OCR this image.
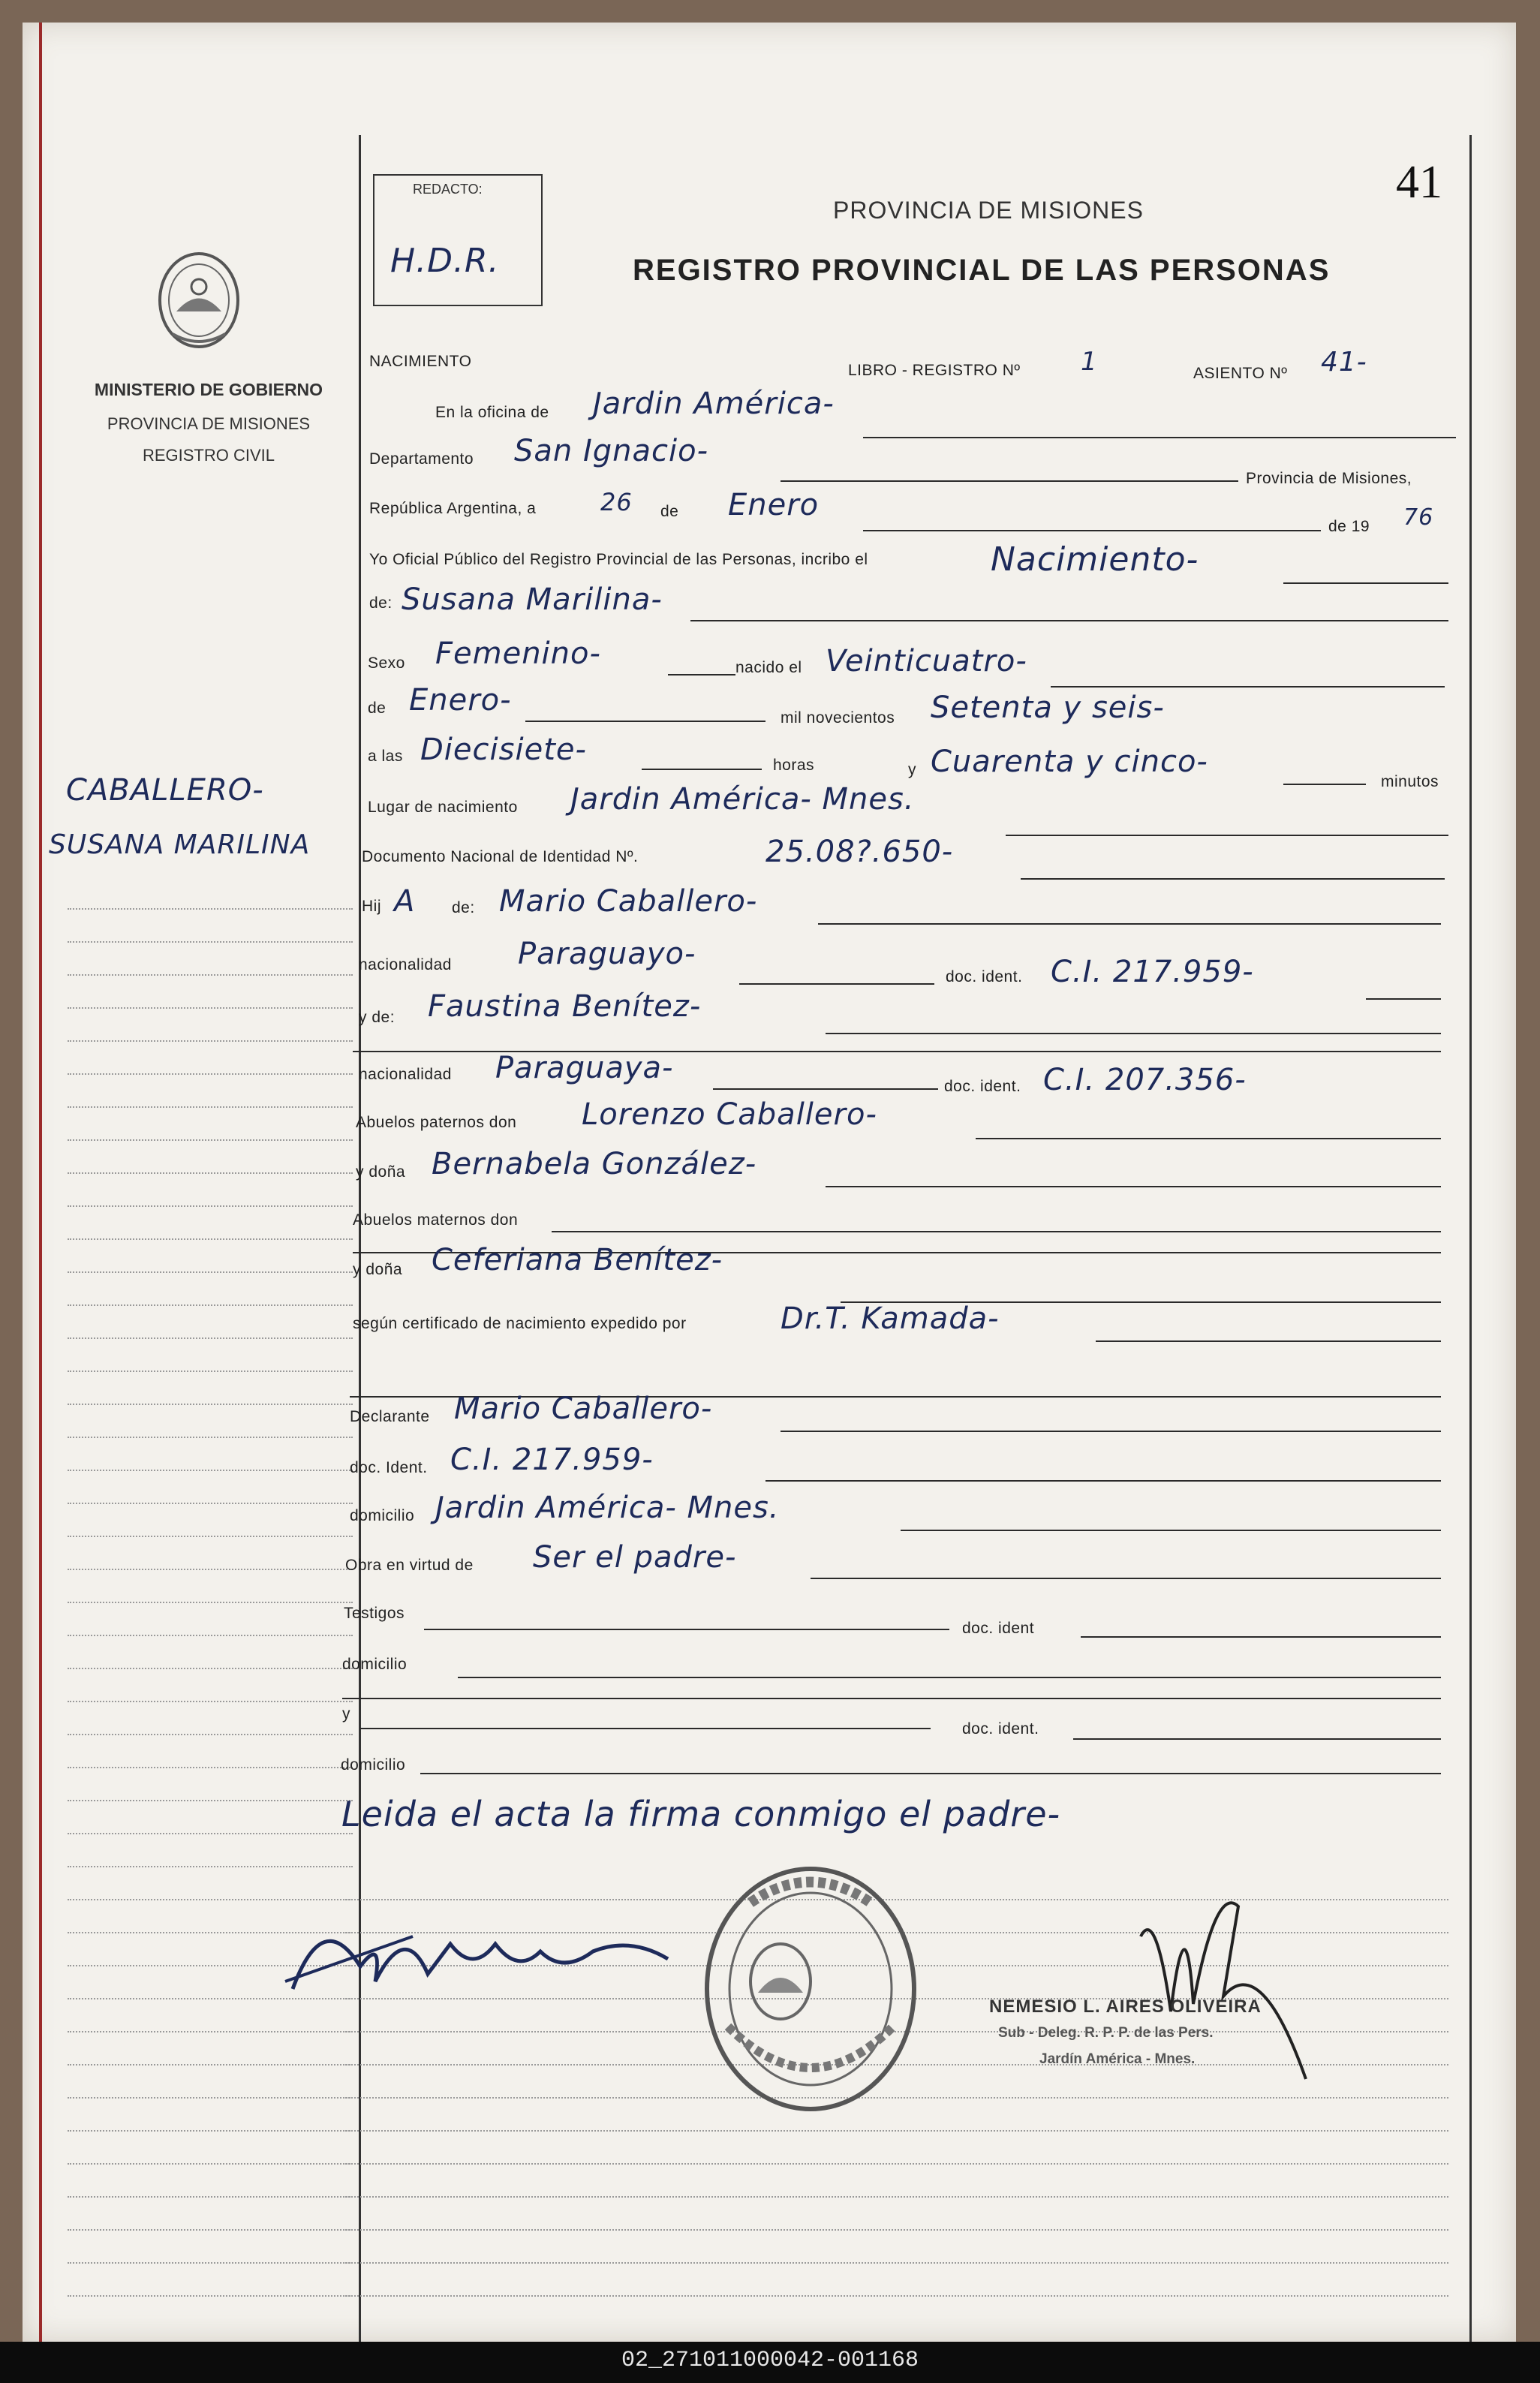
REDACTO:
H.D.R.
41
PROVINCIA DE MISIONES
REGISTRO PROVINCIAL DE LAS PERSONAS
MINISTERIO DE GOBIERNO
PROVINCIA DE MISIONES
REGISTRO CIVIL
CABALLERO-
SUSANA MARILINA
NACIMIENTO
LIBRO - REGISTRO Nº 1	ASIENTO Nº 41-
En la oficina de Jardin América-
Departamento San Ignacio-
Provincia de Misiones,
República Argentina, a	26 de Enero
de 19 76
Yo Oficial Público del Registro Provincial de las Personas, incribo el	Nacimiento-
de: Susana Marilina-
Sexo Femenino-	nacido el Veinticuatro-
de Enero-
mil novecientos Setenta y seis-
a las Diecisiete-	horas	y Cuarenta y cinco-
minutos
Lugar de nacimiento Jardin América- Mnes.
Documento Nacional de Identidad Nº.	25.08?.650-
Hij A de: Mario Caballero-
nacionalidad Paraguayo-
doc. ident. C.I. 217.959-
y de: Faustina Benítez-
nacionalidad Paraguaya-
doc. ident. C.I. 207.356-
Abuelos paternos don Lorenzo Caballero-
y doña Bernabela González-
Abuelos maternos don
y doña Ceferiana Benítez-
según certificado de nacimiento expedido por	Dr.T. Kamada-
Declarante Mario Caballero-
doc. Ident. C.I. 217.959-
domicilio Jardin América- Mnes.
Obra en virtud de Ser el padre-
Testigos
doc. ident
domicilio
y
doc. ident.
domicilio
Leida el acta la firma conmigo el padre-
NEMESIO L. AIRES OLIVEIRA
Sub - Deleg. R. P. P. de las Pers.
Jardín América - Mnes.
02_271011000042-001168
